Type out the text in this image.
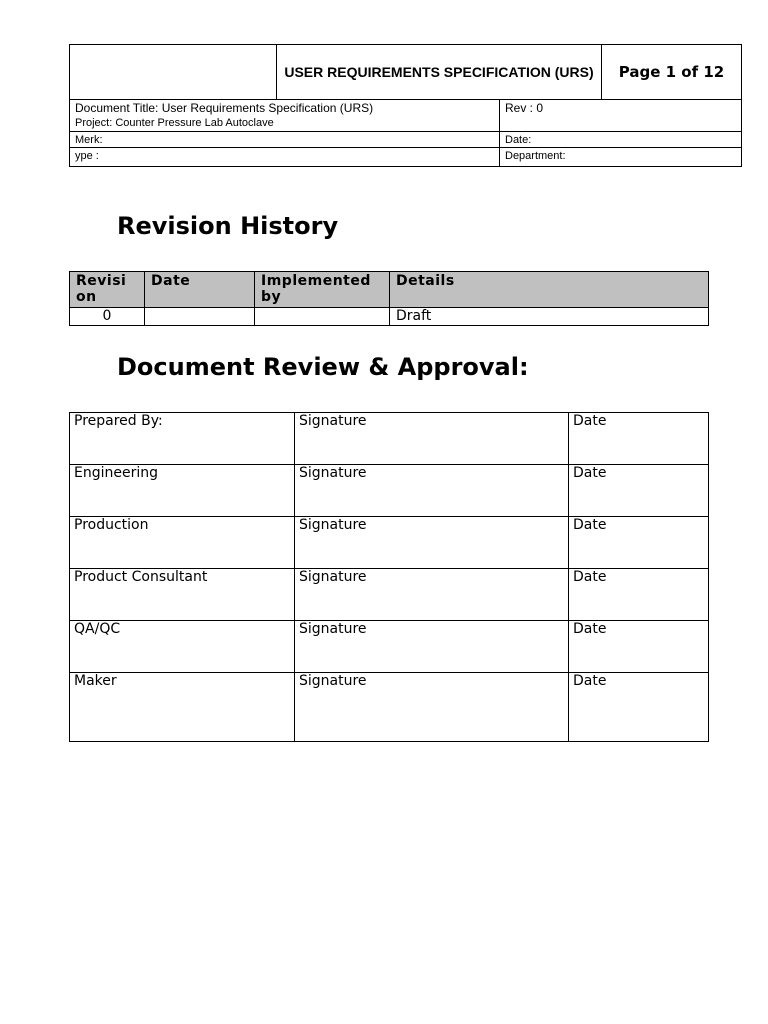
	USER REQUIREMENTS SPECIFICATION (URS)		Page 1 of 12

Document Title: User Requirements Specification (URS)
Project: Counter Pressure Lab Autoclave		Rev : 0	
Merk:		Date:	
ype :		Department:	
Revision History
Revisi on	Date	Implemented by	Details
0			Draft
Document Review & Approval:
Prepared By:	Signature	Date
Engineering	Signature	Date
Production	Signature	Date
Product Consultant	Signature	Date
QA/QC	Signature	Date
Maker	Signature	Date
